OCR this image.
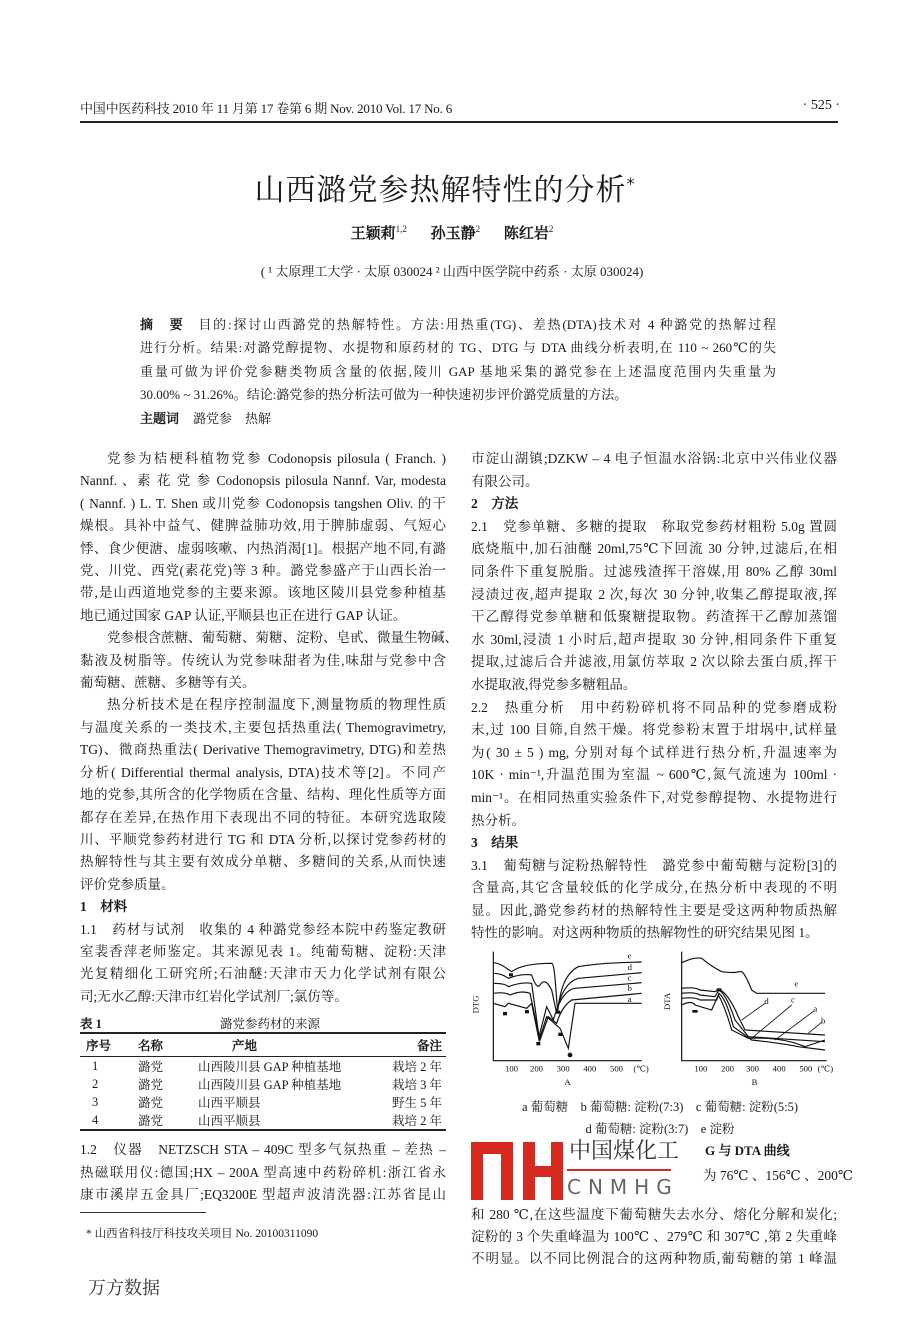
中国中医药科技 2010 年 11 月第 17 卷第 6 期 Nov. 2010 Vol. 17 No. 6	· 525 ·
山西潞党参热解特性的分析*
王颖莉$^{1,2}$ 孙玉静$^2$ 陈红岩$^2$
( ¹ 太原理工大学 · 太原 030024 ² 山西中医学院中药系 · 太原 030024)
摘　要 目的:探讨山西潞党的热解特性。方法:用热重(TG)、差热(DTA)技术对 4 种潞党的热解过程
进行分析。结果:对潞党醇提物、水提物和原药材的 TG、DTG 与 DTA 曲线分析表明,在 110 ~ 260℃的失
重量可做为评价党参糖类物质含量的依据,陵川 GAP 基地采集的潞党参在上述温度范围内失重量为
30.00% ~ 31.26%。结论:潞党参的热分析法可做为一种快速初步评价潞党质量的方法。
主题词 潞党参　热解
党参为桔梗科植物党参 Codonopsis pilosula ( Franch. )
Nannf. 、素 花 党 参 Codonopsis pilosula Nannf. Var, modesta
( Nannf. ) L. T. Shen 或川党参 Codonopsis tangshen Oliv. 的干
燥根。具补中益气、健脾益肺功效,用于脾肺虚弱、气短心
悸、食少便溏、虚弱咳嗽、内热消渴[1]。根据产地不同,有潞
党、川党、西党(素花党)等 3 种。潞党参盛产于山西长治一
带,是山西道地党参的主要来源。该地区陵川县党参种植基
地已通过国家 GAP 认证,平顺县也正在进行 GAP 认证。
党参根含蔗糖、葡萄糖、菊糖、淀粉、皂甙、微量生物碱、
黏液及树脂等。传统认为党参味甜者为佳,味甜与党参中含
葡萄糖、蔗糖、多糖等有关。
热分析技术是在程序控制温度下,测量物质的物理性质
与温度关系的一类技术,主要包括热重法( Themogravimetry,
TG)、微商热重法( Derivative Themogravimetry, DTG)和差热
分析( Differential thermal analysis, DTA)技术等[2]。不同产
地的党参,其所含的化学物质在含量、结构、理化性质等方面
都存在差异,在热作用下表现出不同的特征。本研究选取陵
川、平顺党参药材进行 TG 和 DTA 分析,以探讨党参药材的
热解特性与其主要有效成分单糖、多糖间的关系,从而快速
评价党参质量。
1　材料
1.1　药材与试剂　收集的 4 种潞党参经本院中药鉴定教研
室裴香萍老师鉴定。其来源见表 1。纯葡萄糖、淀粉:天津
光复精细化工研究所;石油醚:天津市天力化学试剂有限公
司;无水乙醇:天津市红岩化学试剂厂;氯仿等。
表 1	潞党参药材的来源
序号	名称	产地	备注
1	潞党	山西陵川县 GAP 种植基地	栽培 2 年
2	潞党	山西陵川县 GAP 种植基地	栽培 3 年
3	潞党	山西平顺县	野生 5 年
4	潞党	山西平顺县	栽培 2 年
1.2　仪器　NETZSCH STA – 409C 型多气氛热重 – 差热 –
热磁联用仪:德国;HX – 200A 型高速中药粉碎机:浙江省永
康市溪岸五金具厂;EQ3200E 型超声波清洗器:江苏省昆山
* 山西省科技厅科技攻关项目 No. 20100311090
万方数据
市淀山湖镇;DZKW – 4 电子恒温水浴锅:北京中兴伟业仪器
有限公司。
2　方法
2.1　党参单糖、多糖的提取　称取党参药材粗粉 5.0g 置圆
底烧瓶中,加石油醚 20ml,75℃下回流 30 分钟,过滤后,在相
同条件下重复脱脂。过滤残渣挥干溶媒,用 80% 乙醇 30ml
浸渍过夜,超声提取 2 次,每次 30 分钟,收集乙醇提取液,挥
干乙醇得党参单糖和低聚糖提取物。药渣挥干乙醇加蒸馏
水 30ml,浸渍 1 小时后,超声提取 30 分钟,相同条件下重复
提取,过滤后合并滤液,用氯仿萃取 2 次以除去蛋白质,挥干
水提取液,得党参多糖粗品。
2.2　热重分析　用中药粉碎机将不同品种的党参磨成粉
末,过 100 目筛,自然干燥。将党参粉末置于坩埚中,试样量
为( 30 ± 5 ) mg, 分别对每个试样进行热分析,升温速率为
10K · min⁻¹,升温范围为室温 ~ 600℃,氮气流速为 100ml ·
min⁻¹。在相同热重实验条件下,对党参醇提物、水提物进行
热分析。
3　结果
3.1　葡萄糖与淀粉热解特性　潞党参中葡萄糖与淀粉[3]的
含量高,其它含量较低的化学成分,在热分析中表现的不明
显。因此,潞党参药材的热解特性主要是受这两种物质热解
特性的影响。对这两种物质的热解物性的研究结果见图 1。
DTG	DTA
100 200 300 400 500 (℃) 100 200 300 400 500 (℃)
e
d
c
b
a
e
d c
a
b
A	B
a 葡萄糖　b 葡萄糖: 淀粉(7:3)　c 葡萄糖: 淀粉(5:5)
d 葡萄糖: 淀粉(3:7)　e 淀粉
中国煤化工
CNMHG
G 与 DTA 曲线
为 76℃ 、156℃ 、200℃
和 280 ℃,在这些温度下葡萄糖失去水分、熔化分解和炭化;
淀粉的 3 个失重峰温为 100℃ 、279℃ 和 307℃ ,第 2 失重峰
不明显。以不同比例混合的这两种物质,葡萄糖的第 1 峰温
